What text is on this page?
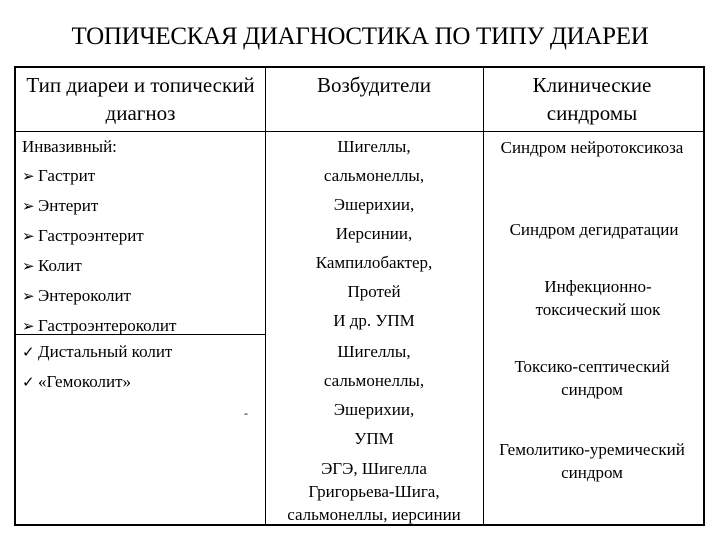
ТОПИЧЕСКАЯ ДИАГНОСТИКА ПО ТИПУ ДИАРЕИ
Тип диареи и топический диагноз
Возбудители	Клинические синдромы
Инвазивный:
➢ Гастрит
➢ Энтерит
➢ Гастроэнтерит
➢ Колит
➢ Энтероколит
➢ Гастроэнтероколит
Шигеллы,
сальмонеллы,
Эшерихии,
Иерсинии,
Кампилобактер,
Протей
И др. УПМ
Синдром нейротоксикоза
Синдром дегидратации
Инфекционно-токсический шок
✓ Дистальный колит
✓ «Гемоколит»
-
Шигеллы,
сальмонеллы,
Эшерихии,
УПМ
ЭГЭ, Шигелла
Григорьева-Шига,
сальмонеллы, иерсинии
Токсико-септический синдром
Гемолитико-уремический синдром
